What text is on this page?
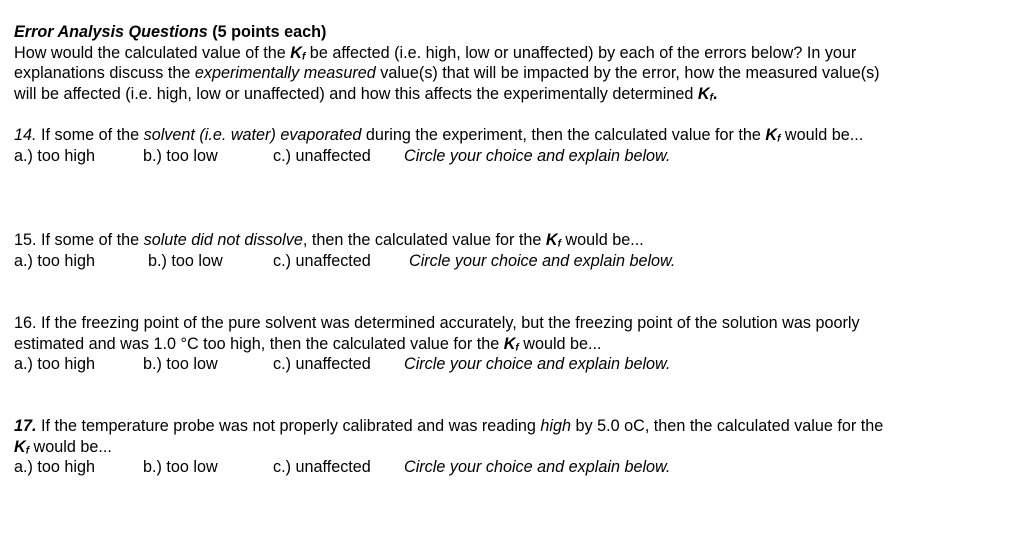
Error Analysis Questions (5 points each)
How would the calculated value of the $K_f$ be affected (i.e. high, low or unaffected) by each of the errors below? In your
explanations discuss the experimentally measured value(s) that will be impacted by the error, how the measured value(s)
will be affected (i.e. high, low or unaffected) and how this affects the experimentally determined $K_f$.
14. If some of the solvent (i.e. water) evaporated during the experiment, then the calculated value for the $K_f$ would be...
a.) too high	b.) too low	c.) unaffected Circle your choice and explain below.
15. If some of the solute did not dissolve, then the calculated value for the $K_f$ would be...
a.) too high	b.) too low	c.) unaffected Circle your choice and explain below.
16. If the freezing point of the pure solvent was determined accurately, but the freezing point of the solution was poorly
estimated and was 1.0 °C too high, then the calculated value for the $K_f$ would be...
a.) too high	b.) too low	c.) unaffected Circle your choice and explain below.
17. If the temperature probe was not properly calibrated and was reading high by 5.0 oC, then the calculated value for the
$K_f$ would be...
a.) too high	b.) too low	c.) unaffected Circle your choice and explain below.
